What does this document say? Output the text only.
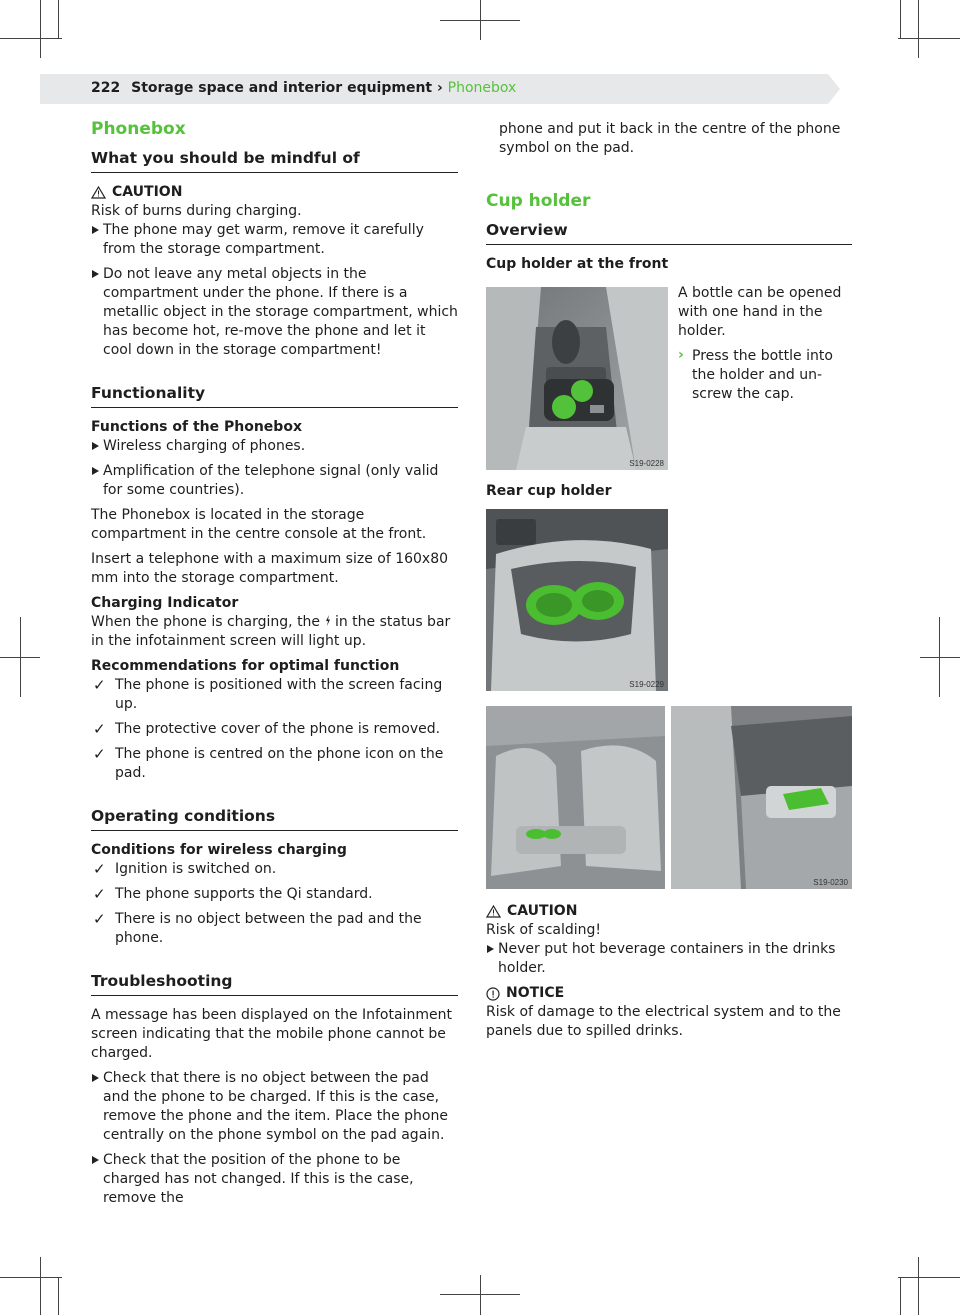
222 Storage space and interior equipment › Phonebox
Phonebox
What you should be mindful of
CAUTION

Risk of burns during charging.

The phone may get warm, remove it carefully from the storage compartment.

Do not leave any metal objects in the compartment under the phone. If there is a metallic object in the storage compartment, which has become hot, re-move the phone and let it cool down in the storage compartment!

Functionality

Functions of the Phonebox

Wireless charging of phones.

Amplification of the telephone signal (only valid for some countries).

The Phonebox is located in the storage compartment in the centre console at the front.

Insert a telephone with a maximum size of 160x80 mm into the storage compartment.

Charging Indicator

When the phone is charging, the in the status bar in the infotainment screen will light up.

Recommendations for optimal function

✓ The phone is positioned with the screen facing up.

✓ The protective cover of the phone is removed.

✓ The phone is centred on the phone icon on the pad.

Operating conditions

Conditions for wireless charging

✓ Ignition is switched on.

✓ The phone supports the Qi standard.

✓ There is no object between the pad and the phone.

Troubleshooting

A message has been displayed on the Infotainment screen indicating that the mobile phone cannot be charged.

Check that there is no object between the pad and the phone to be charged. If this is the case, remove the phone and the item. Place the phone centrally on the phone symbol on the pad again.

Check that the position of the phone to be charged has not changed. If this is the case, remove the

phone and put it back in the centre of the phone symbol on the pad.

Cup holder
Overview

Cup holder at the front

S19-0228

A bottle can be opened with one hand in the holder.

› Press the bottle into the holder and un-screw the cap.

Rear cup holder

S19-0229
S19-0230
CAUTION

Risk of scalding!

Never put hot beverage containers in the drinks holder.

NOTICE

Risk of damage to the electrical system and to the panels due to spilled drinks.
